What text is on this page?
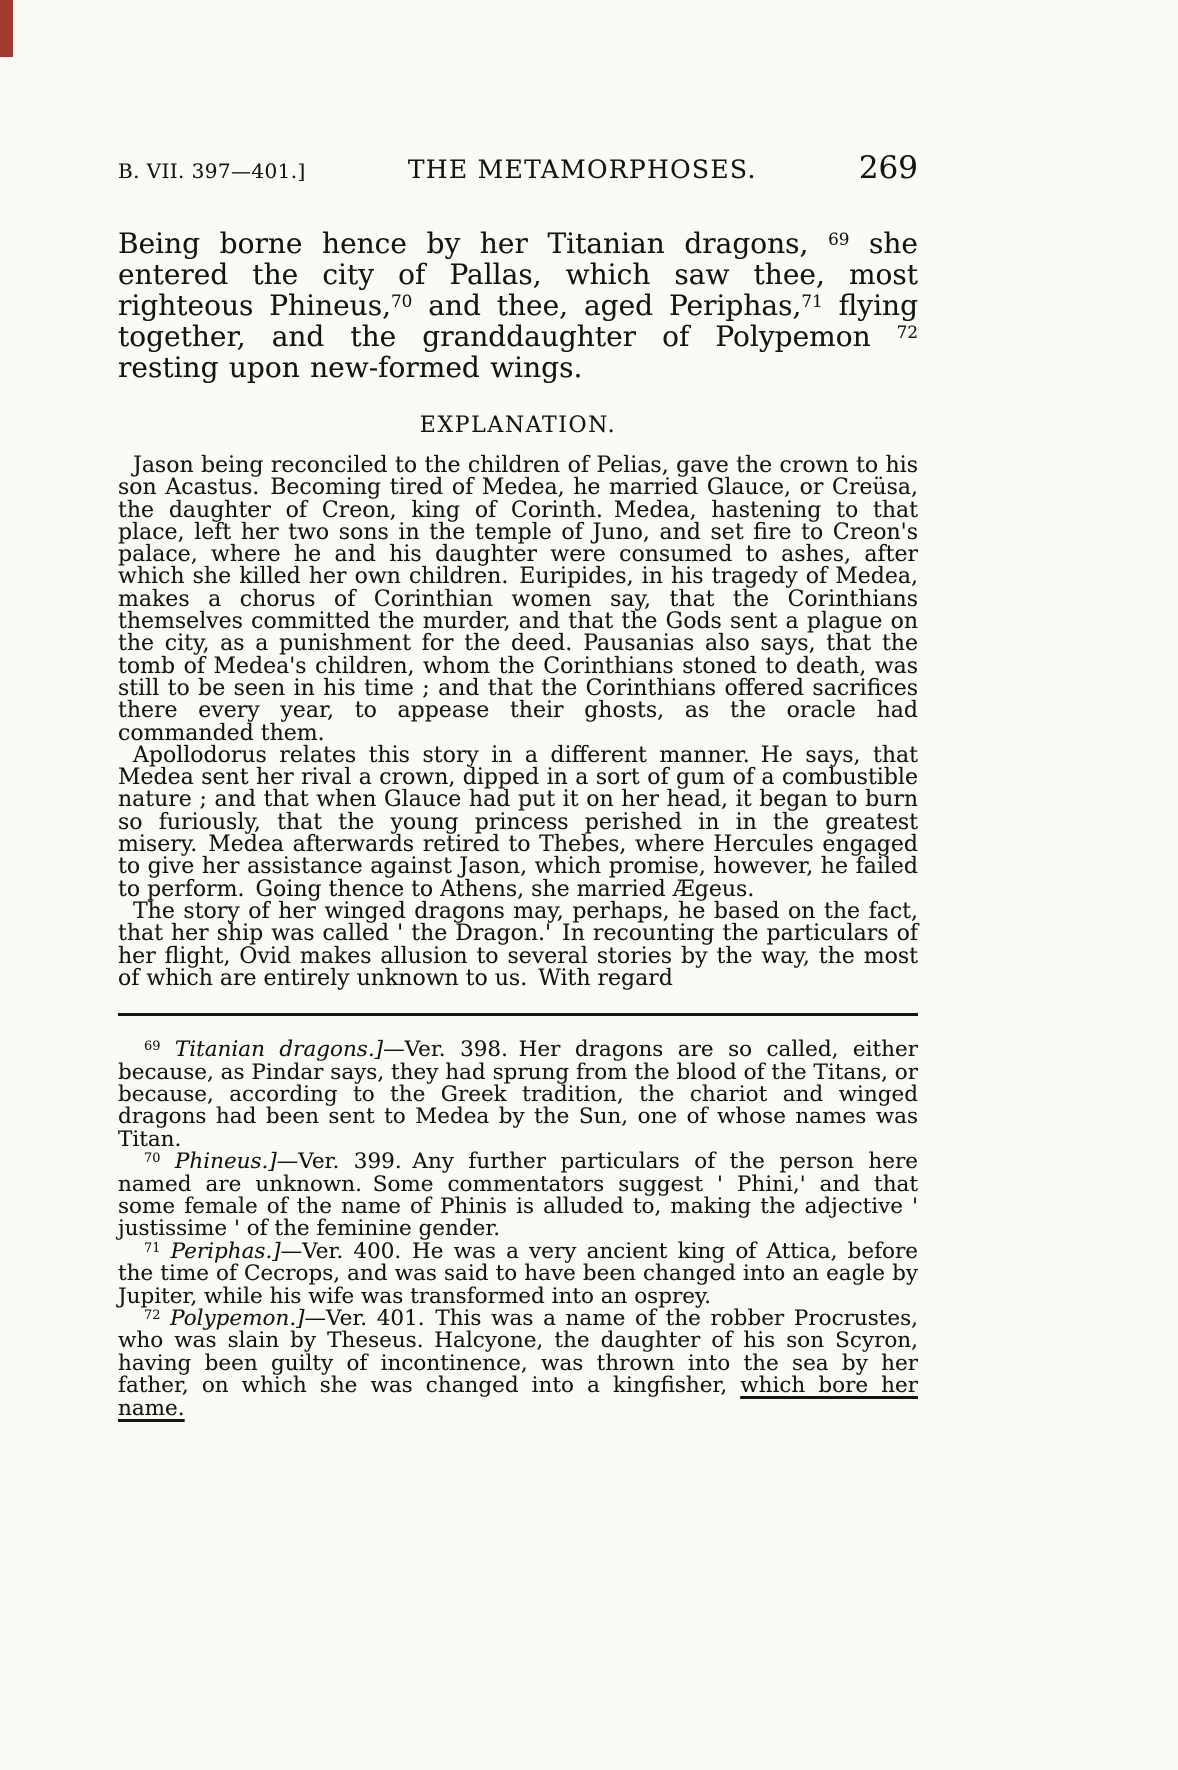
B. VII. 397—401.]	THE METAMORPHOSES.	269

Being borne hence by her Titanian dragons, $^{69}$ she entered the city of Pallas, which saw thee, most righteous Phineus,$^{70}$ and thee, aged Periphas,$^{71}$ flying together, and the granddaughter of Polypemon $^{72}$ resting upon new-formed wings.

EXPLANATION.

Jason being reconciled to the children of Pelias, gave the crown to his son Acastus. Becoming tired of Medea, he married Glauce, or Creüsa, the daughter of Creon, king of Corinth. Medea, hastening to that place, left her two sons in the temple of Juno, and set fire to Creon's palace, where he and his daughter were consumed to ashes, after which she killed her own children. Euripides, in his tragedy of Medea, makes a chorus of Corinthian women say, that the Corinthians themselves committed the murder, and that the Gods sent a plague on the city, as a punishment for the deed. Pausanias also says, that the tomb of Medea's children, whom the Corinthians stoned to death, was still to be seen in his time ; and that the Corinthians offered sacrifices there every year, to appease their ghosts, as the oracle had commanded them.

Apollodorus relates this story in a different manner. He says, that Medea sent her rival a crown, dipped in a sort of gum of a combustible nature ; and that when Glauce had put it on her head, it began to burn so furiously, that the young princess perished in in the greatest misery. Medea afterwards retired to Thebes, where Hercules engaged to give her assistance against Jason, which promise, however, he failed to perform. Going thence to Athens, she married Ægeus.

The story of her winged dragons may, perhaps, he based on the fact, that her ship was called ' the Dragon.' In recounting the particulars of her flight, Ovid makes allusion to several stories by the way, the most of which are entirely unknown to us. With regard

$^{69}$ Titanian dragons.]—Ver. 398. Her dragons are so called, either because, as Pindar says, they had sprung from the blood of the Titans, or because, according to the Greek tradition, the chariot and winged dragons had been sent to Medea by the Sun, one of whose names was Titan.

$^{70}$ Phineus.]—Ver. 399. Any further particulars of the person here named are unknown. Some commentators suggest ' Phini,' and that some female of the name of Phinis is alluded to, making the adjective ' justissime ' of the feminine gender.

$^{71}$ Periphas.]—Ver. 400. He was a very ancient king of Attica, before the time of Cecrops, and was said to have been changed into an eagle by Jupiter, while his wife was transformed into an osprey.

$^{72}$ Polypemon.]—Ver. 401. This was a name of the robber Procrustes, who was slain by Theseus. Halcyone, the daughter of his son Scyron, having been guilty of incontinence, was thrown into the sea by her father, on which she was changed into a kingfisher, which bore her name.
